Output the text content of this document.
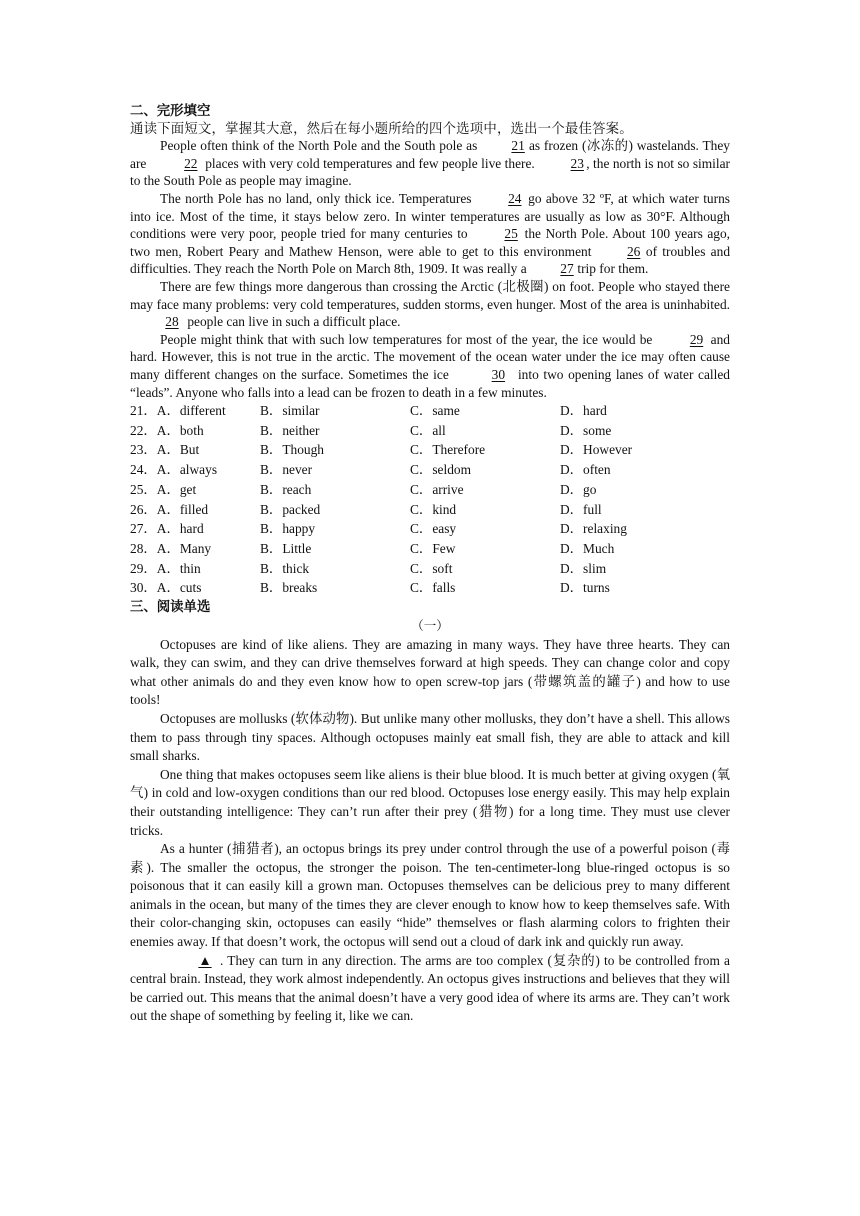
二、完形填空
通读下面短文，掌握其大意，然后在每小题所给的四个选项中，选出一个最佳答案。

People often think of the North Pole and the South pole as 21 as frozen (冰冻的) wastelands. They are	22 places with very cold temperatures and few people live there. 23 , the north is not so similar to the South Pole as people may imagine.

The north Pole has no land, only thick ice. Temperatures 24 go above 32 ºF, at which water turns into ice. Most of the time, it stays below zero. In winter temperatures are usually as low as 30°F. Although conditions were very poor, people tried for many centuries to 25 the North Pole. About 100 years ago, two men, Robert Peary and Mathew Henson, were able to get to this environment 26 of troubles and difficulties. They reach the North Pole on March 8th, 1909. It was really a 27 trip for them.

There are few things more dangerous than crossing the Arctic (北极圈) on foot. People who stayed there may face many problems: very cold temperatures, sudden storms, even hunger. Most of the area is uninhabited. 28 people can live in such a difficult place.

People might think that with such low temperatures for most of the year, the ice would be 29 and hard. However, this is not true in the arctic. The movement of the ocean water under the ice may often cause many different changes on the surface. Sometimes the ice	30 into two opening lanes of water called “leads”. Anyone who falls into a lead can be frozen to death in a few minutes.

21．A．different	B．similar	C．same	D．hard
22．A．both	B．neither	C．all	D．some
23．A．But	B．Though	C．Therefore	D．However
24．A．always	B．never	C．seldom	D．often
25．A．get	B．reach	C．arrive	D．go
26．A．filled	B．packed	C．kind	D．full
27．A．hard	B．happy	C．easy	D．relaxing
28．A．Many	B．Little	C．Few	D．Much
29．A．thin	B．thick	C．soft	D．slim
30．A．cuts	B．breaks	C．falls	D．turns
三、阅读单选
（一）

Octopuses are kind of like aliens. They are amazing in many ways. They have three hearts. They can walk, they can swim, and they can drive themselves forward at high speeds. They can change color and copy what other animals do and they even know how to open screw-top jars (带螺筑盖的罐子) and how to use tools!

Octopuses are mollusks (软体动物). But unlike many other mollusks, they don’t have a shell. This allows them to pass through tiny spaces. Although octopuses mainly eat small fish, they are able to attack and kill small sharks.

One thing that makes octopuses seem like aliens is their blue blood. It is much better at giving oxygen (氧气) in cold and low-oxygen conditions than our red blood. Octopuses lose energy easily. This may help explain their outstanding intelligence: They can’t run after their prey (猎物) for a long time. They must use clever tricks.

As a hunter (捕猎者), an octopus brings its prey under control through the use of a powerful poison (毒素). The smaller the octopus, the stronger the poison. The ten-centimeter-long blue-ringed octopus is so poisonous that it can easily kill a grown man. Octopuses themselves can be delicious prey to many different animals in the ocean, but many of the times they are clever enough to know how to keep themselves safe. With their color-changing skin, octopuses can easily “hide” themselves or flash alarming colors to frighten their enemies away. If that doesn’t work, the octopus will send out a cloud of dark ink and quickly run away.

▲ . They can turn in any direction. The arms are too complex (复杂的) to be controlled from a central brain. Instead, they work almost independently. An octopus gives instructions and believes that they will be carried out. This means that the animal doesn’t have a very good idea of where its arms are. They can’t work out the shape of something by feeling it, like we can.
